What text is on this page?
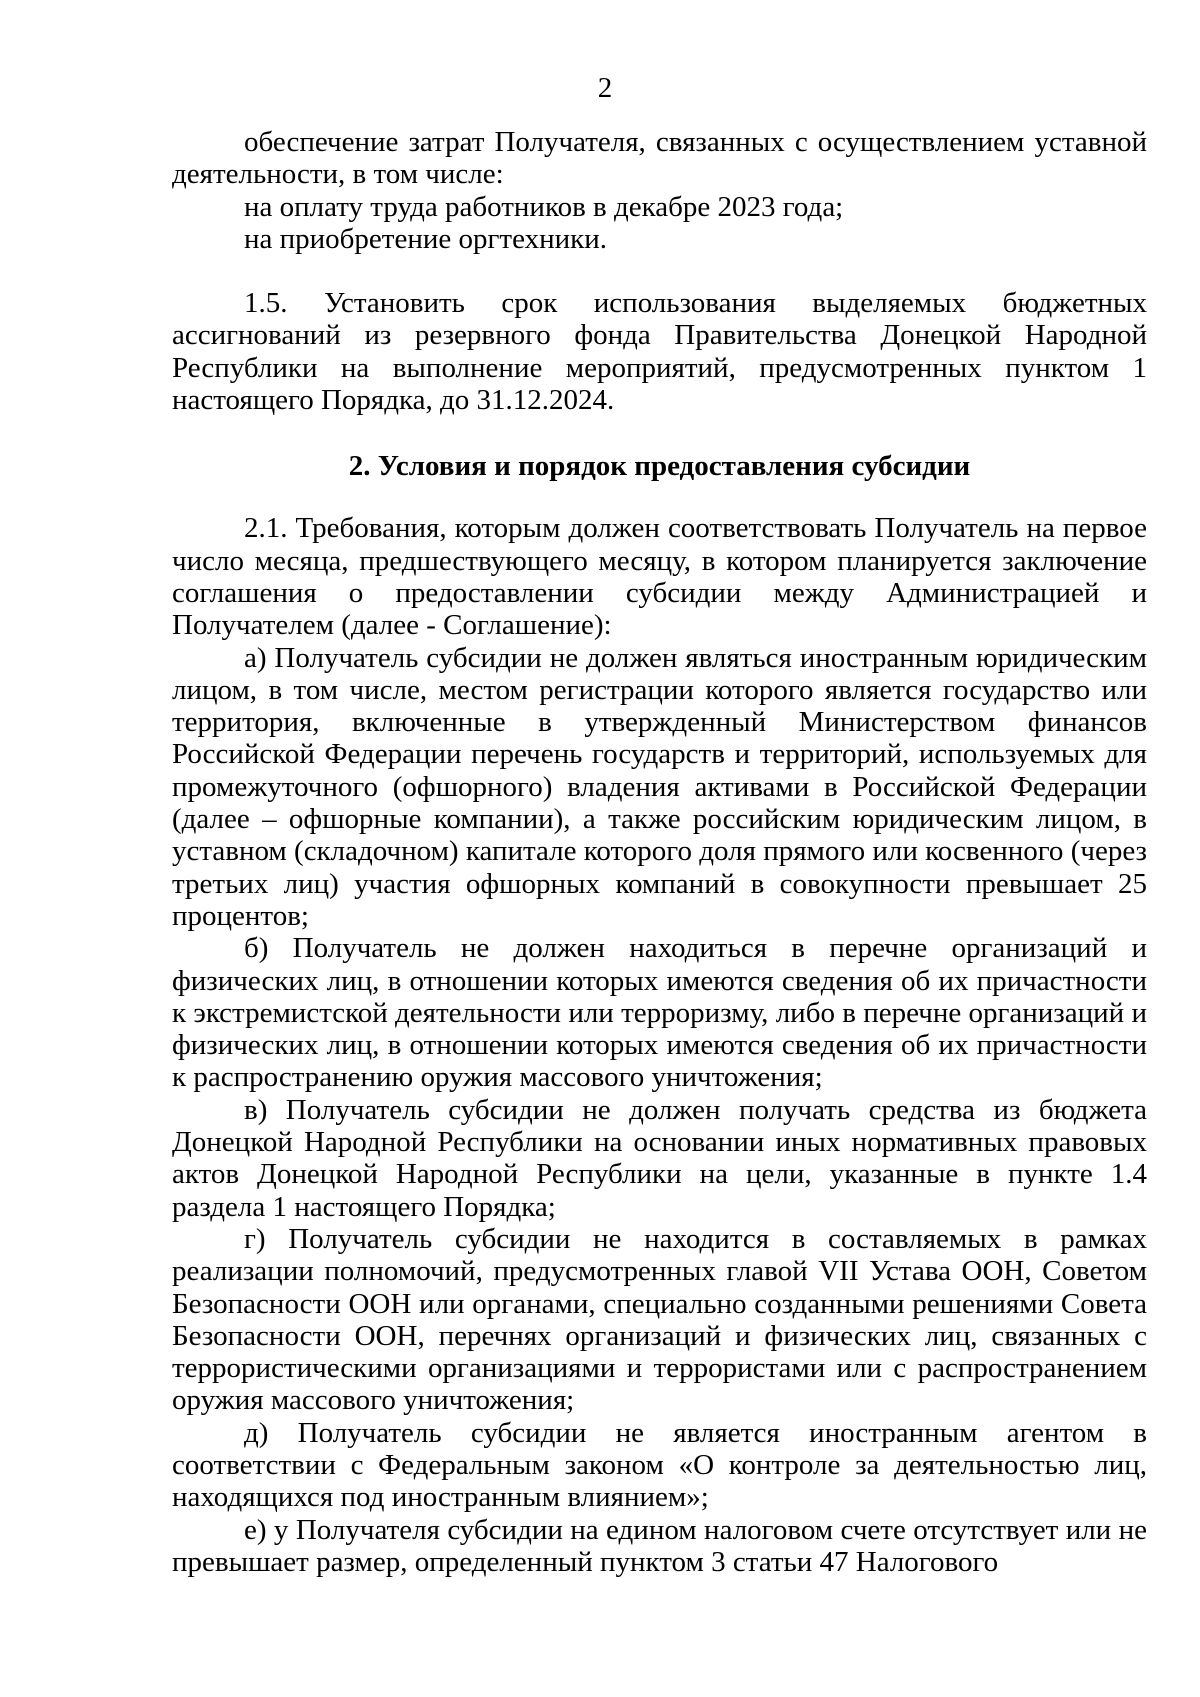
2

обеспечение затрат Получателя, связанных с осуществлением уставной деятельности, в том числе:

на оплату труда работников в декабре 2023 года;

на приобретение оргтехники.

1.5. Установить срок использования выделяемых бюджетных ассигнований из резервного фонда Правительства Донецкой Народной Республики на выполнение мероприятий, предусмотренных пунктом 1 настоящего Порядка, до 31.12.2024.

2. Условия и порядок предоставления субсидии

2.1. Требования, которым должен соответствовать Получатель на первое число месяца, предшествующего месяцу, в котором планируется заключение соглашения о предоставлении субсидии между Администрацией и Получателем (далее - Соглашение):

а) Получатель субсидии не должен являться иностранным юридическим лицом, в том числе, местом регистрации которого является государство или территория, включенные в утвержденный Министерством финансов Российской Федерации перечень государств и территорий, используемых для промежуточного (офшорного) владения активами в Российской Федерации (далее – офшорные компании), а также российским юридическим лицом, в уставном (складочном) капитале которого доля прямого или косвенного (через третьих лиц) участия офшорных компаний в совокупности превышает 25 процентов;

б) Получатель не должен находиться в перечне организаций и физических лиц, в отношении которых имеются сведения об их причастности к экстремистской деятельности или терроризму, либо в перечне организаций и физических лиц, в отношении которых имеются сведения об их причастности к распространению оружия массового уничтожения;

в) Получатель субсидии не должен получать средства из бюджета Донецкой Народной Республики на основании иных нормативных правовых актов Донецкой Народной Республики на цели, указанные в пункте 1.4 раздела 1 настоящего Порядка;

г) Получатель субсидии не находится в составляемых в рамках реализации полномочий, предусмотренных главой VII Устава ООН, Советом Безопасности ООН или органами, специально созданными решениями Совета Безопасности ООН, перечнях организаций и физических лиц, связанных с террористическими организациями и террористами или с распространением оружия массового уничтожения;

д) Получатель субсидии не является иностранным агентом в соответствии с Федеральным законом «О контроле за деятельностью лиц, находящихся под иностранным влиянием»;

е) у Получателя субсидии на едином налоговом счете отсутствует или не превышает размер, определенный пунктом 3 статьи 47 Налогового
